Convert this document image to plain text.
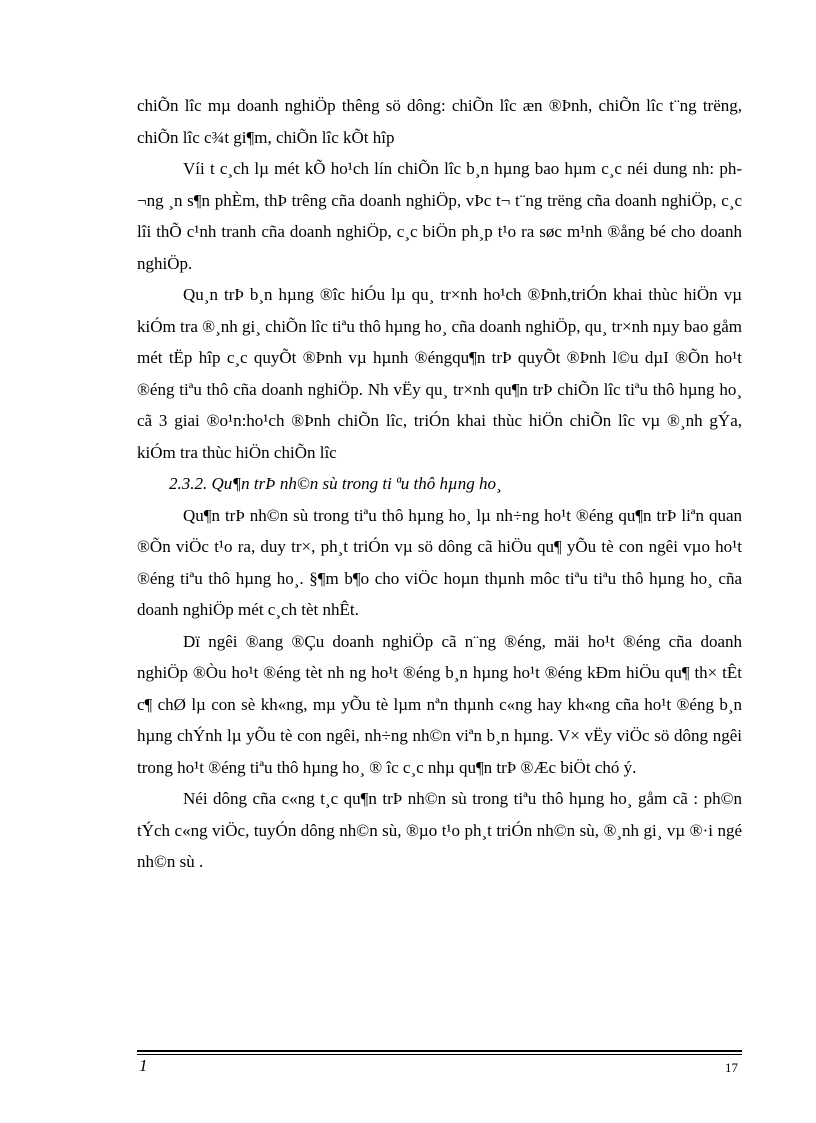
chiÕn lîc mµ doanh nghiÖp thêng sö dông: chiÕn lîc æn ®Þnh, chiÕn lîc t¨ng trëng, chiÕn lîc c¾t gi¶m, chiÕn lîc kÕt hîp

Víi t c¸ch lµ mét kÕ ho¹ch lín chiÕn lîc b¸n hµng bao hµm c¸c néi dung nh: ph¬ng ¸n s¶n phÈm, thÞ trêng cña doanh nghiÖp, vÞc t¬ t¨ng trëng cña doanh nghiÖp, c¸c lîi thÕ c¹nh tranh cña doanh nghiÖp, c¸c biÖn ph¸p t¹o ra søc m¹nh ®ång bé cho doanh nghiÖp.

Qu¸n trÞ b¸n hµng ®îc hiÓu lµ qu¸ tr×nh ho¹ch ®Þnh,triÓn khai thùc hiÖn vµ kiÓm tra ®¸nh gi¸ chiÕn lîc tiªu thô hµng ho¸ cña doanh nghiÖp, qu¸ tr×nh nµy bao gåm mét tËp hîp c¸c quyÕt ®Þnh vµ hµnh ®éngqu¶n trÞ quyÕt ®Þnh l©u dµI ®Õn ho¹t ®éng tiªu thô cña doanh nghiÖp. Nh vËy qu¸ tr×nh qu¶n trÞ chiÕn lîc tiªu thô hµng ho¸ cã 3 giai ®o¹n:ho¹ch ®Þnh chiÕn lîc, triÓn khai thùc hiÖn chiÕn lîc vµ ®¸nh gÝa, kiÓm tra thùc hiÖn chiÕn lîc

2.3.2. Qu¶n trÞ nh©n sù trong ti ªu thô hµng ho¸

Qu¶n trÞ nh©n sù trong tiªu thô hµng ho¸ lµ nh÷ng ho¹t ®éng qu¶n trÞ liªn quan ®Õn viÖc t¹o ra, duy tr×, ph¸t triÓn vµ sö dông cã hiÖu qu¶ yÕu tè con ngêi vµo ho¹t ®éng tiªu thô hµng ho¸. §¶m b¶o cho viÖc hoµn thµnh môc tiªu tiªu thô hµng ho¸ cña doanh nghiÖp mét c¸ch tèt nhÊt.

Dï ngêi ®ang ®Çu doanh nghiÖp cã n¨ng ®éng, mäi ho¹t ®éng cña doanh nghiÖp ®Òu ho¹t ®éng tèt nh ng ho¹t ®éng b¸n hµng ho¹t ®éng kÐm hiÖu qu¶ th× tÊt c¶ chØ lµ con sè kh«ng, mµ yÕu tè lµm nªn thµnh c«ng hay kh«ng cña ho¹t ®éng b¸n hµng chÝnh lµ yÕu tè con ngêi, nh÷ng nh©n viªn b¸n hµng. V× vËy viÖc sö dông ngêi trong ho¹t ®éng tiªu thô hµng ho¸ ® îc c¸c nhµ qu¶n trÞ ®Æc biÖt chó ý.

Néi dông cña c«ng t¸c qu¶n trÞ nh©n sù trong tiªu thô hµng ho¸ gåm cã : ph©n tÝch c«ng viÖc, tuyÓn dông nh©n sù, ®µo t¹o ph¸t triÓn nh©n sù, ®¸nh gi¸ vµ ®·i ngé nh©n sù .

1	17
